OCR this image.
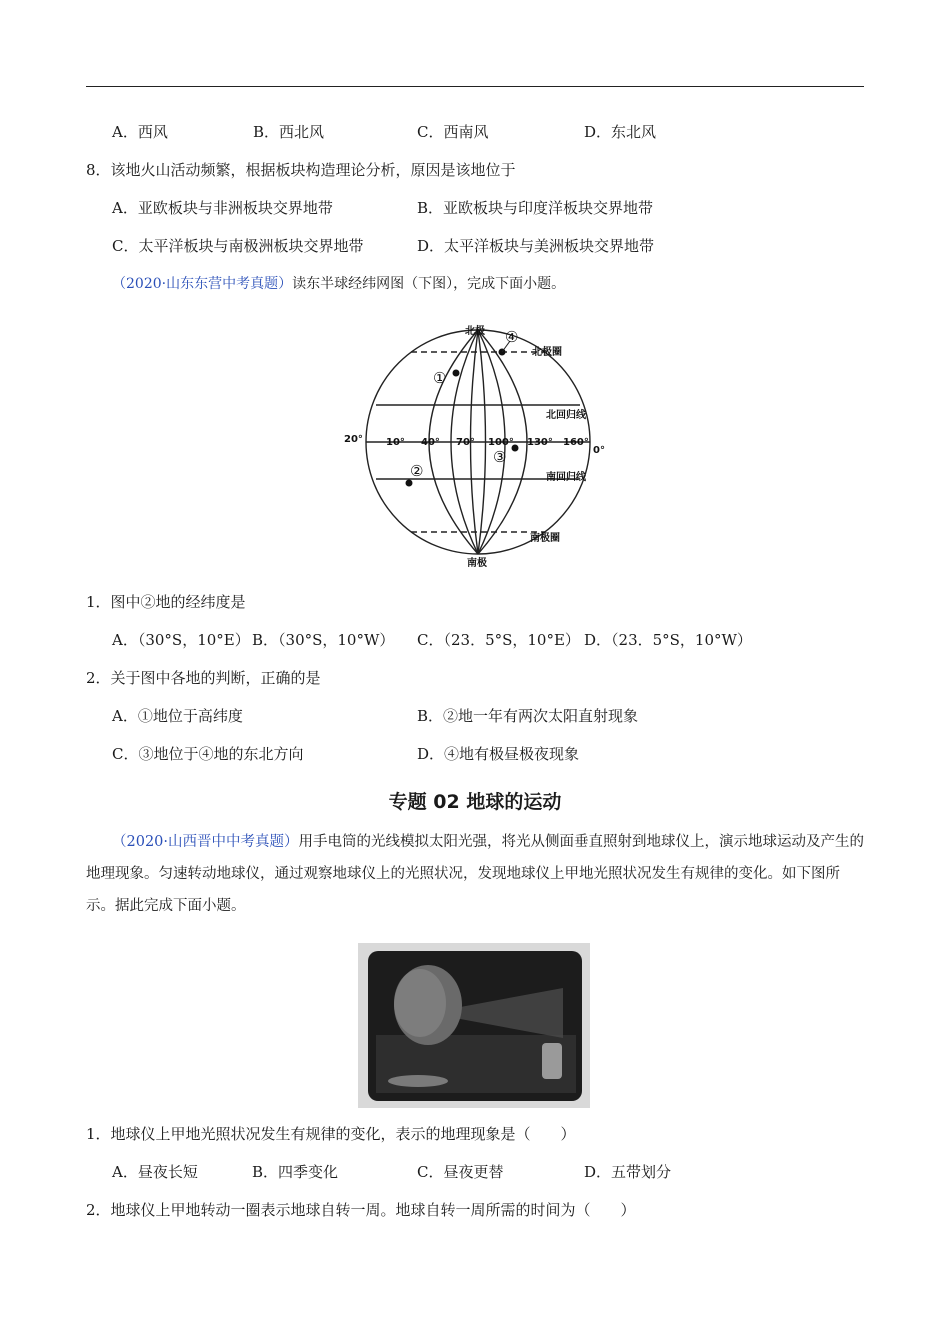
A．西风	B．西北风	C．西南风	D．东北风
8．该地火山活动频繁，根据板块构造理论分析，原因是该地位于
A．亚欧板块与非洲板块交界地带	B．亚欧板块与印度洋板块交界地带
C．太平洋板块与南极洲板块交界地带	D．太平洋板块与美洲板块交界地带
（2020·山东东营中考真题）读东半球经纬网图（下图），完成下面小题。
北极
南极
北极圈
南极圈
北回归线
南回归线
20° 10° 40° 70° 100° 130° 160°
0°
①
④
②
③
1．图中②地的经纬度是
A．（30°S，10°E） B．（30°S，10°W） C．（23．5°S，10°E） D．（23．5°S，10°W）
2．关于图中各地的判断，正确的是
A．①地位于高纬度	B．②地一年有两次太阳直射现象
C．③地位于④地的东北方向	D．④地有极昼极夜现象
专题 02 地球的运动
（2020·山西晋中中考真题）用手电筒的光线模拟太阳光强，将光从侧面垂直照射到地球仪上，演示地球运动及产生的地理现象。匀速转动地球仪，通过观察地球仪上的光照状况，发现地球仪上甲地光照状况发生有规律的变化。如下图所示。据此完成下面小题。
1．地球仪上甲地光照状况发生有规律的变化，表示的地理现象是（　　）
A．昼夜长短	B．四季变化	C．昼夜更替	D．五带划分
2．地球仪上甲地转动一圈表示地球自转一周。地球自转一周所需的时间为（　　）
